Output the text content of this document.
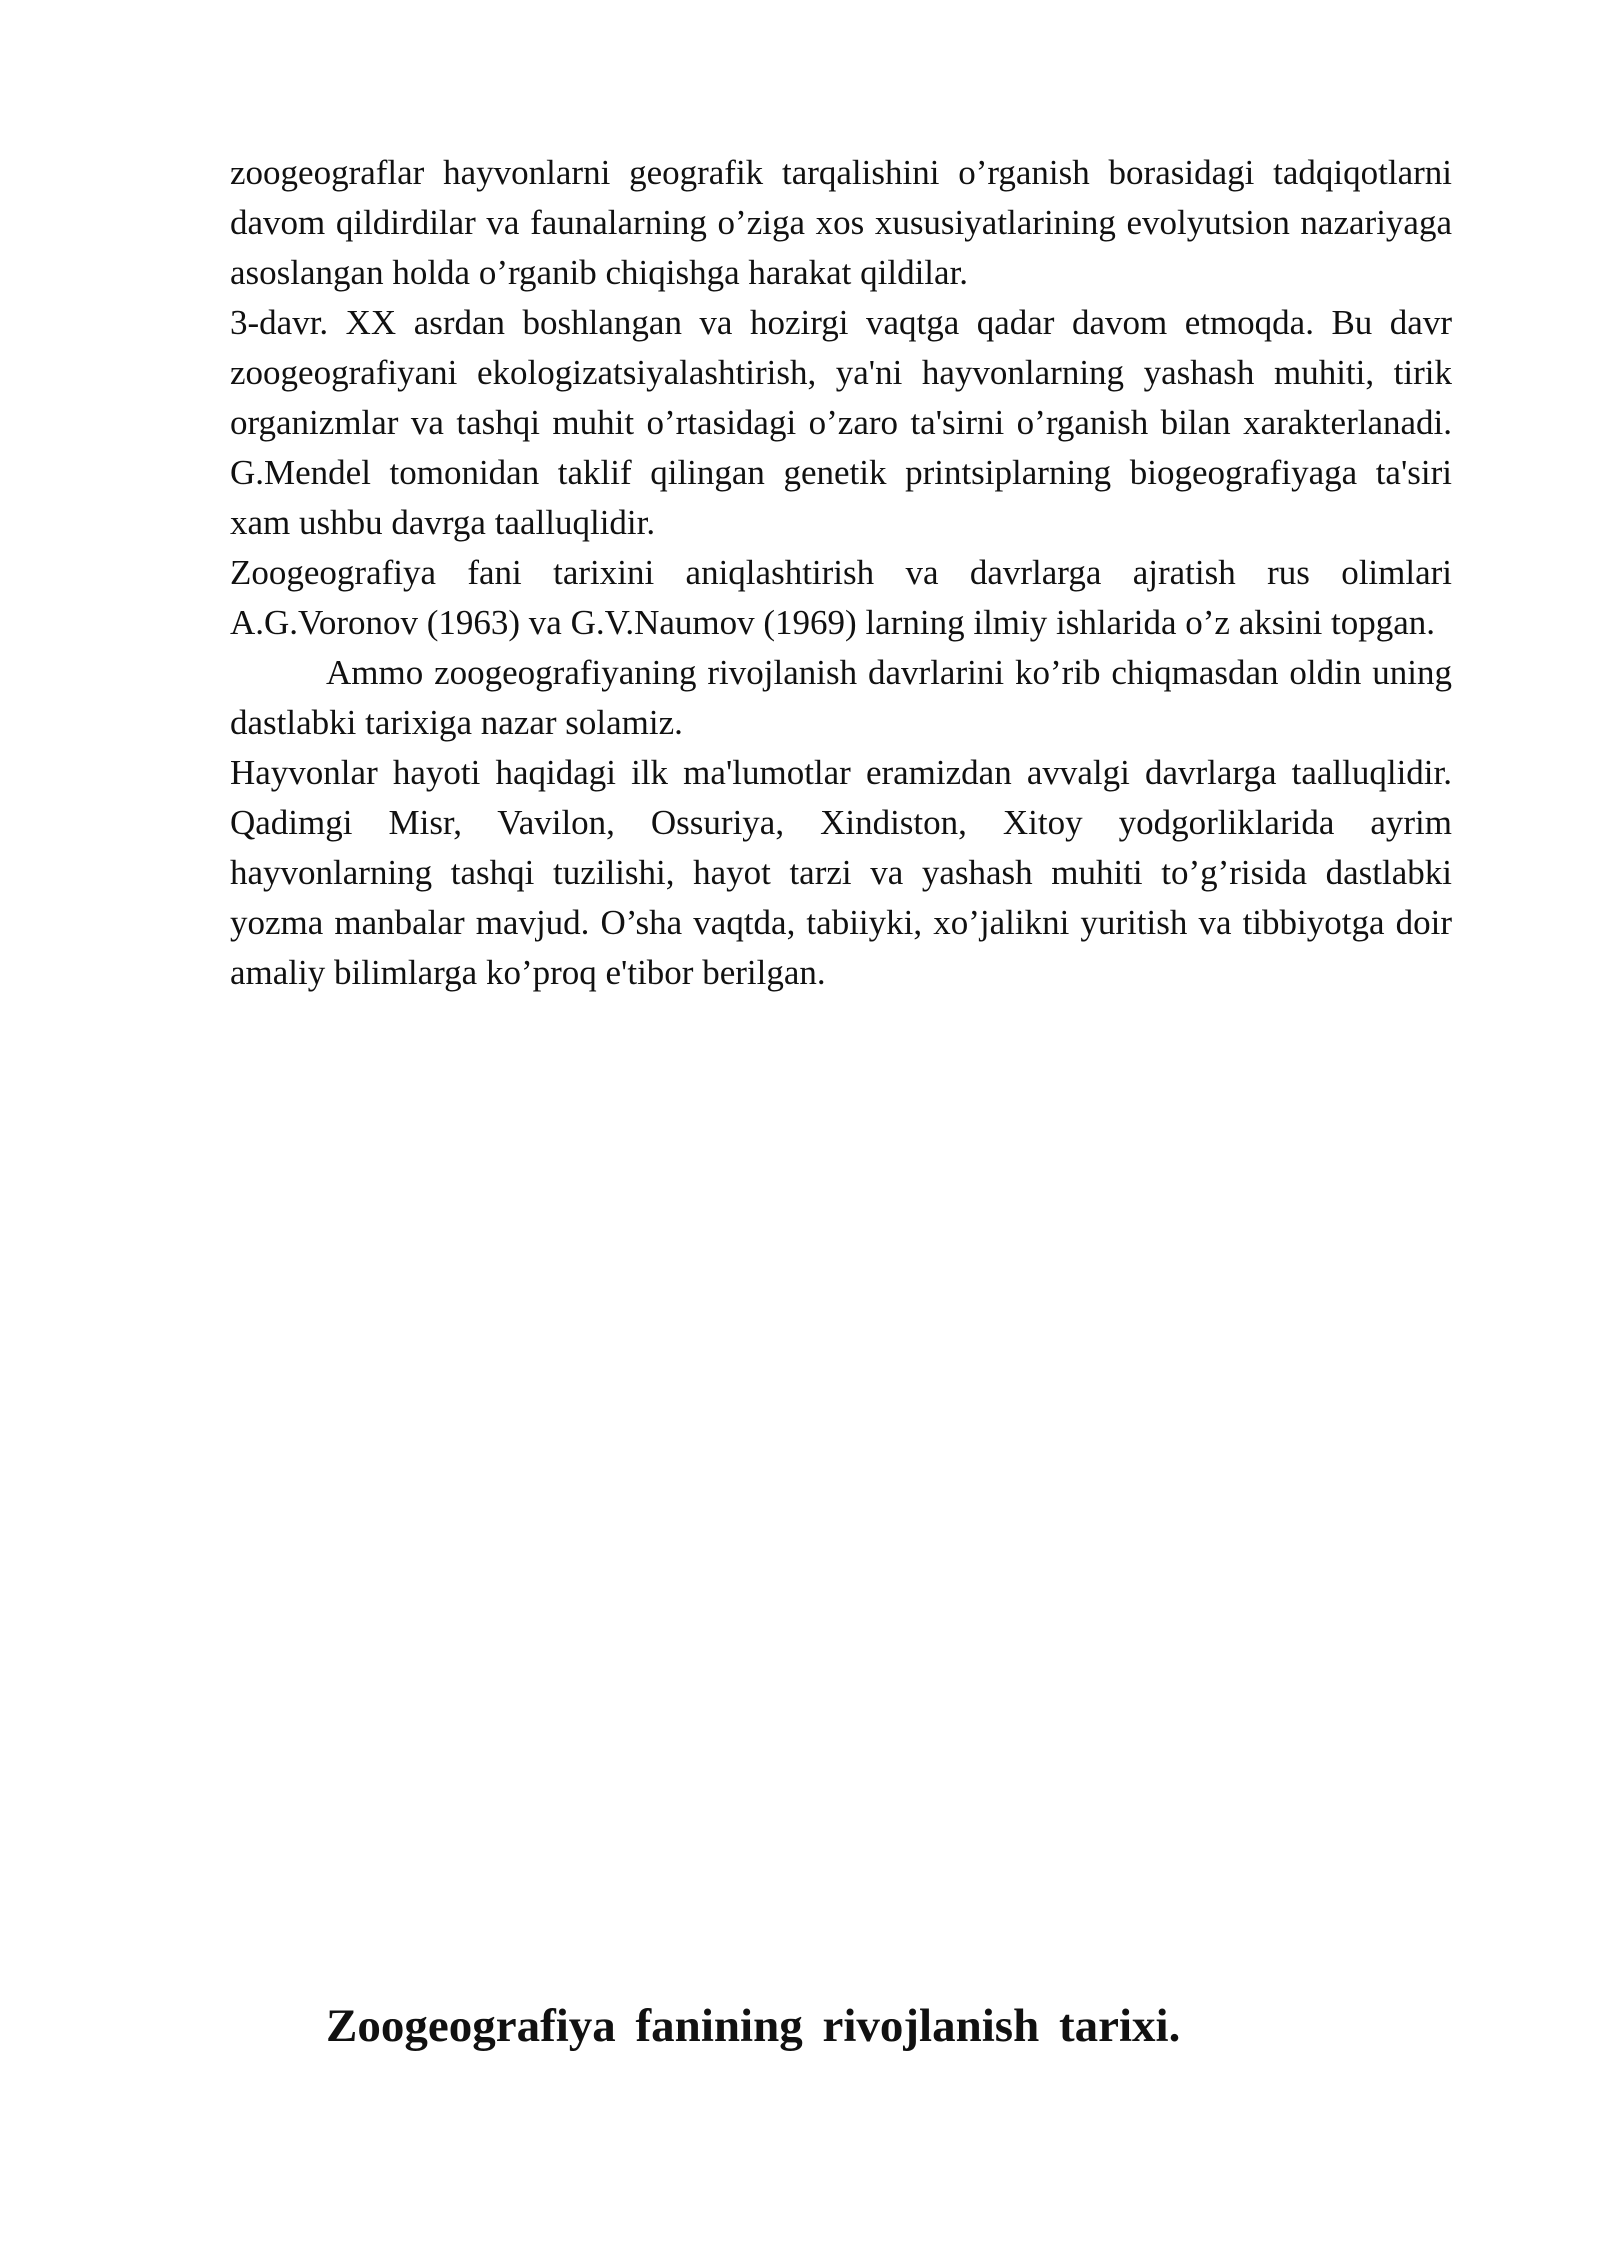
zoogeograflar hayvonlarni geografik tarqalishini o’rganish borasidagi tadqiqotlarni davom qildirdilar va faunalarning o’ziga xos xususiyatlarining evolyutsion nazariyaga asoslangan holda o’rganib chiqishga harakat qildilar.

3-davr. XX asrdan boshlangan va hozirgi vaqtga qadar davom etmoqda. Bu davr zoogeografiyani ekologizatsiyalashtirish, ya'ni hayvonlarning yashash muhiti, tirik organizmlar va tashqi muhit o’rtasidagi o’zaro ta'sirni o’rganish bilan xarakterlanadi. G.Mendel tomonidan taklif qilingan genetik printsiplarning biogeografiyaga ta'siri xam ushbu davrga taalluqlidir.

Zoogeografiya fani tarixini aniqlashtirish va davrlarga ajratish rus olimlari A.G.Voronov (1963) va G.V.Naumov (1969) larning ilmiy ishlarida o’z aksini topgan.

Ammo zoogeografiyaning rivojlanish davrlarini ko’rib chiqmasdan oldin uning dastlabki tarixiga nazar solamiz.

Hayvonlar hayoti haqidagi ilk ma'lumotlar eramizdan avvalgi davrlarga taalluqlidir. Qadimgi Misr, Vavilon, Ossuriya, Xindiston, Xitoy yodgorliklarida ayrim hayvonlarning tashqi tuzilishi, hayot tarzi va yashash muhiti to’g’risida dastlabki yozma manbalar mavjud. O’sha vaqtda, tabiiyki, xo’jalikni yuritish va tibbiyotga doir amaliy bilimlarga ko’proq e'tibor berilgan.

Zoogeografiya fanining rivojlanish tarixi.
